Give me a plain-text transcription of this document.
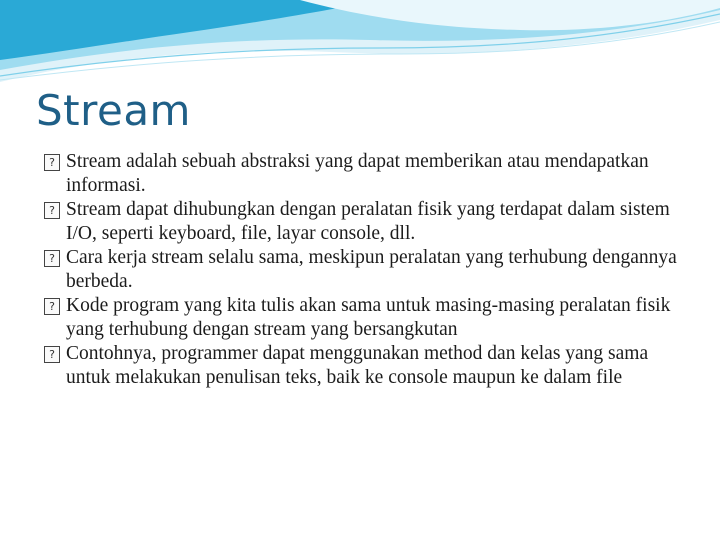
Stream
? Stream adalah sebuah abstraksi yang dapat memberikan atau mendapatkan informasi.
? Stream dapat dihubungkan dengan peralatan fisik yang terdapat dalam sistem I/O, seperti keyboard, file, layar console, dll.
? Cara kerja stream selalu sama, meskipun peralatan yang terhubung dengannya berbeda.
? Kode program yang kita tulis akan sama untuk masing-masing peralatan fisik yang terhubung dengan stream yang bersangkutan
? Contohnya, programmer dapat menggunakan method dan kelas yang sama untuk melakukan penulisan teks, baik ke console maupun ke dalam file
